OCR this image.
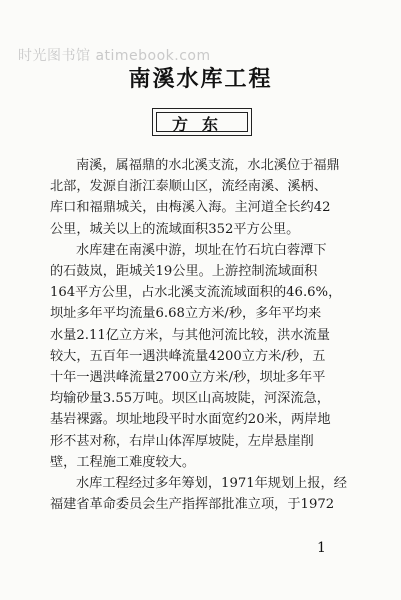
时光图书馆 atimebook.com
南溪水库工程
方东
南溪，属福鼎的水北溪支流，水北溪位于福鼎
北部，发源自浙江泰顺山区，流经南溪、溪柄、
库口和福鼎城关，由梅溪入海。主河道全长约42
公里，城关以上的流域面积352平方公里。
水库建在南溪中游，坝址在竹石坑白蓉潭下
的石鼓岚，距城关19公里。上游控制流域面积
164平方公里，占水北溪支流流域面积的46.6%，
坝址多年平均流量6.68立方米/秒，多年平均来
水量2.11亿立方米，与其他河流比较，洪水流量
较大，五百年一遇洪峰流量4200立方米/秒，五
十年一遇洪峰流量2700立方米/秒，坝址多年平
均输砂量3.55万吨。坝区山高坡陡，河深流急，
基岩裸露。坝址地段平时水面宽约20米，两岸地
形不甚对称，右岸山体浑厚坡陡，左岸悬崖削
壁，工程施工难度较大。
水库工程经过多年筹划，1971年规划上报，经
福建省革命委员会生产指挥部批准立项，于1972
1
